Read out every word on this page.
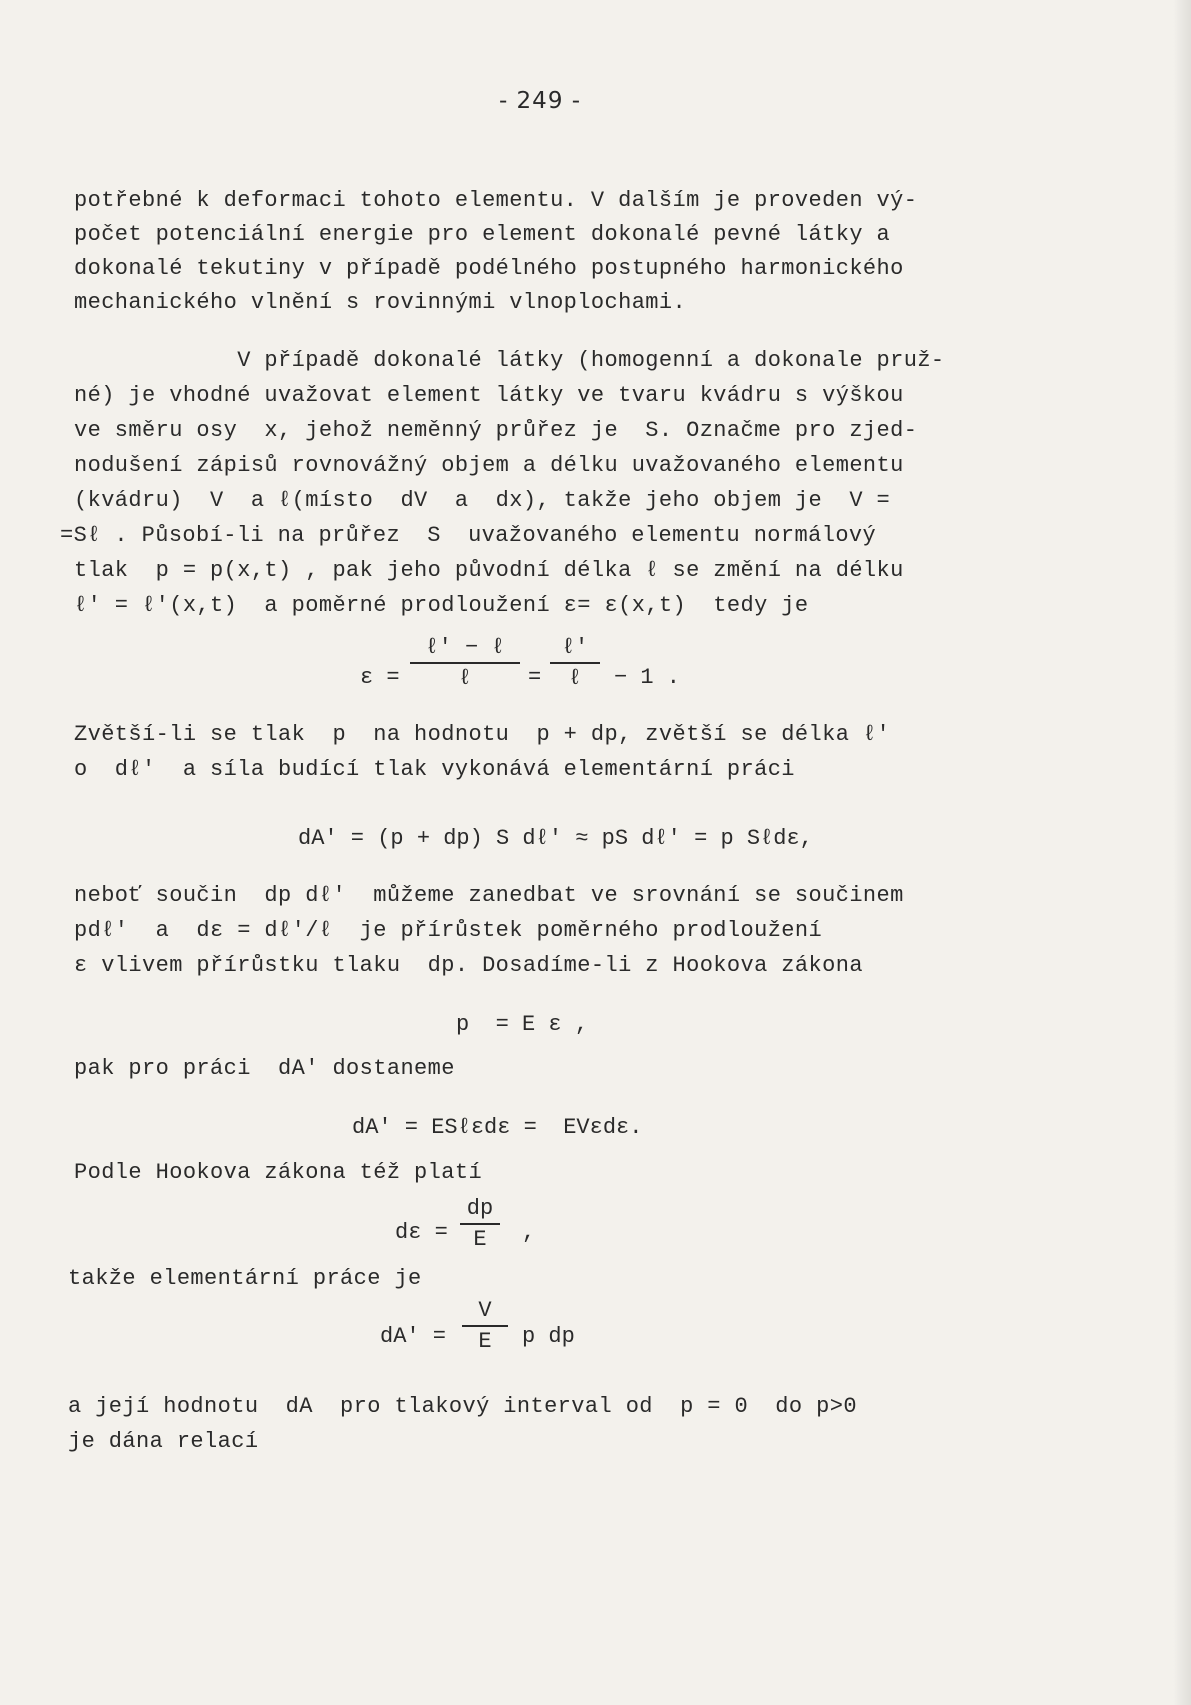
- 249 -
potřebné k deformaci tohoto elementu. V dalším je proveden vý-
počet potenciální energie pro element dokonalé pevné látky a
dokonalé tekutiny v případě podélného postupného harmonického
mechanického vlnění s rovinnými vlnoplochami.
V případě dokonalé látky (homogenní a dokonale pruž-
né) je vhodné uvažovat element látky ve tvaru kvádru s výškou
ve směru osy  x, jehož neměnný průřez je  S. Označme pro zjed-
nodušení zápisů rovnovážný objem a délku uvažovaného elementu
(kvádru)  V  a ℓ(místo  dV  a  dx), takže jeho objem je  V =
=Sℓ . Působí-li na průřez  S  uvažovaného elementu normálový
tlak  p = p(x,t) , pak jeho původní délka ℓ se změní na délku
ℓ′ = ℓ′(x,t)  a poměrné prodloužení ε= ε(x,t)  tedy je
ε =
ℓ′ − ℓ
ℓ	=
ℓ′
ℓ	− 1 .
Zvětší-li se tlak  p  na hodnotu  p + dp, zvětší se délka ℓ′
o  dℓ′  a síla budící tlak vykonává elementární práci
dA′ = (p + dp) S dℓ′ ≈ pS dℓ′ = p Sℓdε,
neboť součin  dp dℓ′  můžeme zanedbat ve srovnání se součinem
pdℓ′  a  dε = dℓ′/ℓ  je přírůstek poměrného prodloužení
ε vlivem přírůstku tlaku  dp. Dosadíme-li z Hookova zákona
p  = E ε ,
pak pro práci  dA′ dostaneme
dA′ = ESℓεdε =  EVεdε.
Podle Hookova zákona též platí
dε =
dp
E	,
takže elementární práce je
dA′ =
V
E	p dp
a její hodnotu  dA  pro tlakový interval od  p = 0  do p>0
je dána relací
